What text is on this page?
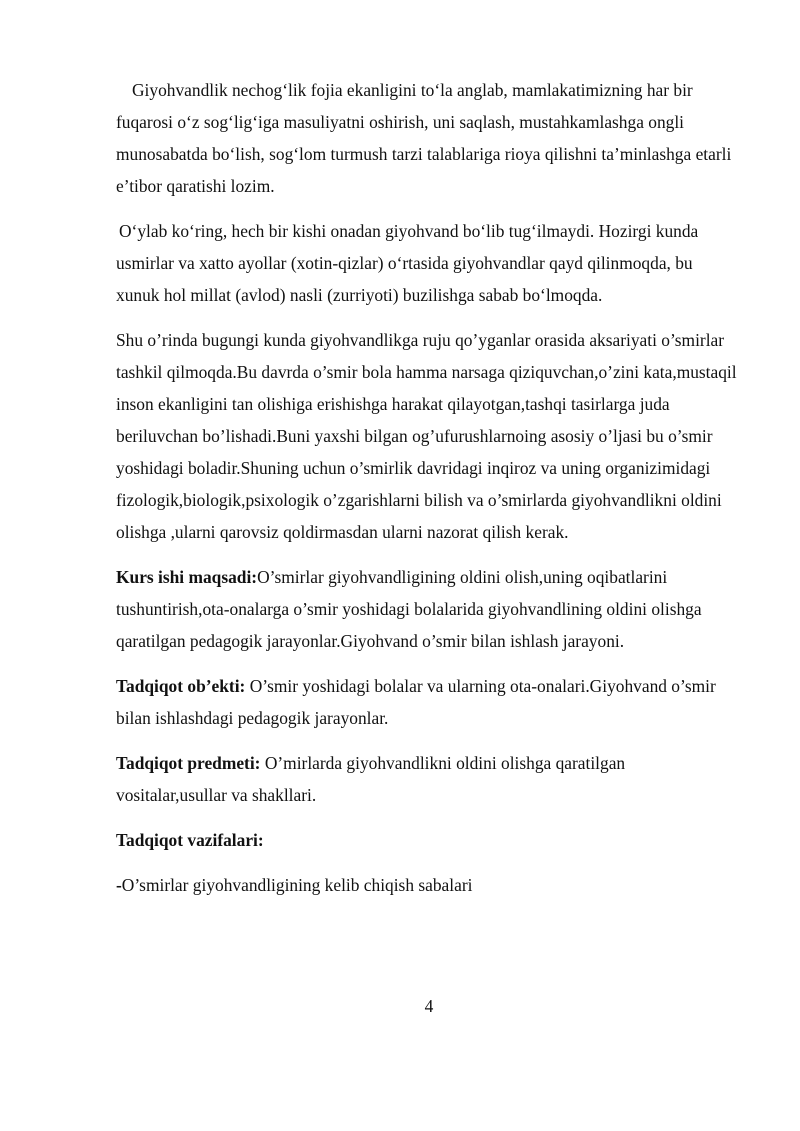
Giyohvandlik nechog‘lik fojia ekanligini to‘la anglab, mamlakatimizning har bir fuqarosi o‘z sog‘lig‘iga masuliyatni oshirish, uni saqlash, mustahkamlashga ongli munosabatda bo‘lish, sog‘lom turmush tarzi talablariga rioya qilishni ta’minlashga etarli e’tibor qaratishi lozim.

O‘ylab ko‘ring, hech bir kishi onadan giyohvand bo‘lib tug‘ilmaydi. Hozirgi kunda usmirlar va xatto ayollar (xotin-qizlar) o‘rtasida giyohvandlar qayd qilinmoqda, bu xunuk hol millat (avlod) nasli (zurriyoti) buzilishga sabab bo‘lmoqda.

Shu o’rinda bugungi kunda giyohvandlikga ruju qo’yganlar orasida aksariyati o’smirlar tashkil qilmoqda.Bu davrda o’smir bola hamma narsaga qiziquvchan,o’zini kata,mustaqil inson ekanligini tan olishiga erishishga harakat qilayotgan,tashqi tasirlarga juda beriluvchan bo’lishadi.Buni yaxshi bilgan og’ufurushlarnoing asosiy o’ljasi bu o’smir yoshidagi boladir.Shuning uchun o’smirlik davridagi inqiroz va uning organizimidagi fizologik,biologik,psixologik o’zgarishlarni bilish va o’smirlarda giyohvandlikni oldini olishga ,ularni qarovsiz qoldirmasdan ularni nazorat qilish kerak.

Kurs ishi maqsadi:O’smirlar giyohvandligining oldini olish,uning oqibatlarini tushuntirish,ota-onalarga o’smir yoshidagi bolalarida giyohvandlining oldini olishga qaratilgan pedagogik jarayonlar.Giyohvand o’smir bilan ishlash jarayoni.

Tadqiqot ob’ekti: O’smir yoshidagi bolalar va ularning ota-onalari.Giyohvand o’smir bilan ishlashdagi pedagogik jarayonlar.

Tadqiqot predmeti: O’mirlarda giyohvandlikni oldini olishga qaratilgan vositalar,usullar va shakllari.

Tadqiqot vazifalari:

-O’smirlar giyohvandligining kelib chiqish sabalari

4
